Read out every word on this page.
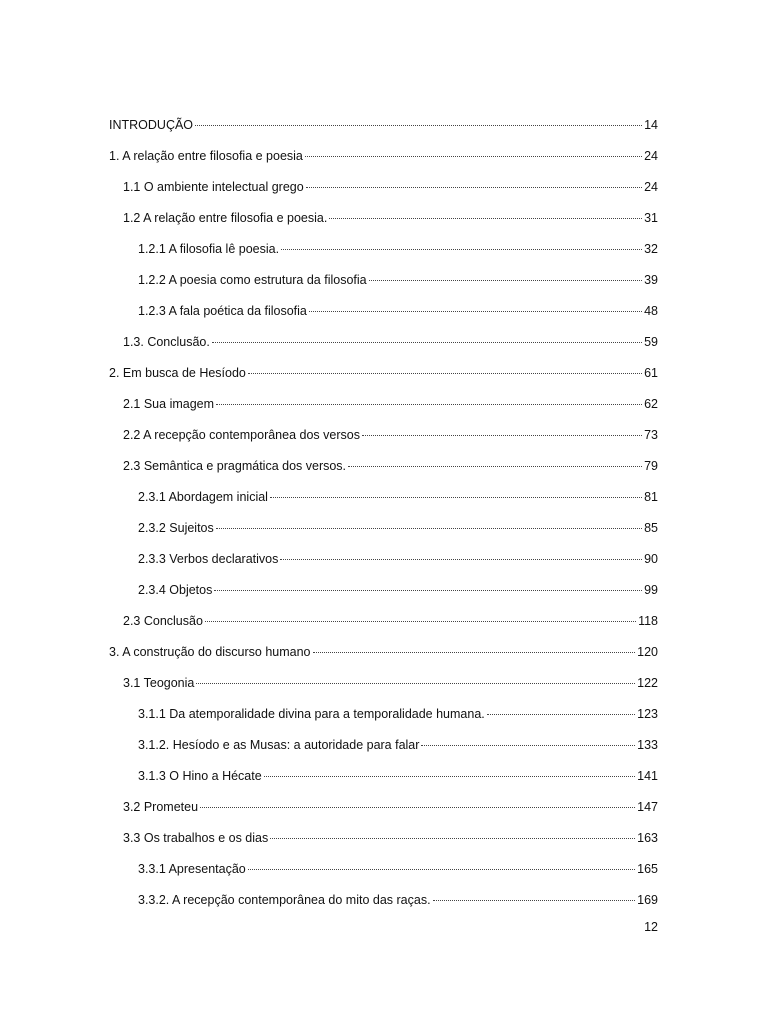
INTRODUÇÃO	14
1. A relação entre filosofia e poesia	24
1.1 O ambiente intelectual grego	24
1.2 A relação entre filosofia e poesia.	31
1.2.1 A filosofia lê poesia.	32
1.2.2 A poesia como estrutura da filosofia	39
1.2.3 A fala poética da filosofia	48
1.3. Conclusão.	59
2. Em busca de Hesíodo	61
2.1 Sua imagem	62
2.2 A recepção contemporânea dos versos	73
2.3 Semântica e pragmática dos versos.	79
2.3.1 Abordagem inicial	81
2.3.2 Sujeitos	85
2.3.3 Verbos declarativos	90
2.3.4 Objetos	99
2.3 Conclusão	118
3. A construção do discurso humano	120
3.1 Teogonia	122
3.1.1 Da atemporalidade divina para a temporalidade humana.	123
3.1.2. Hesíodo e as Musas: a autoridade para falar	133
3.1.3 O Hino a Hécate	141
3.2 Prometeu	147
3.3 Os trabalhos e os dias	163
3.3.1 Apresentação	165
3.3.2. A recepção contemporânea do mito das raças.	169
12
